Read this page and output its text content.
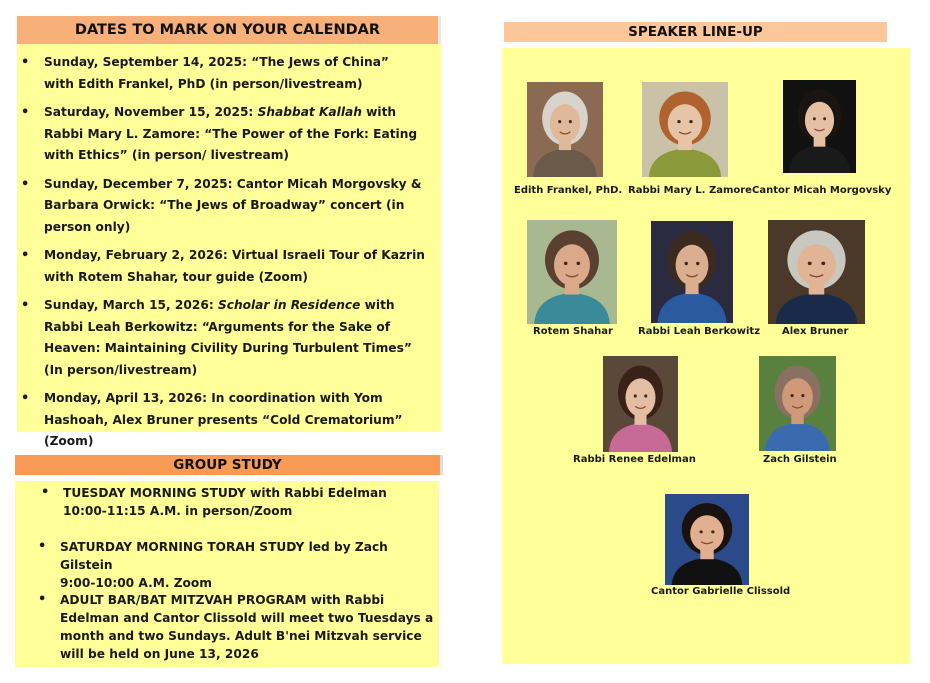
DATES TO MARK ON YOUR CALENDAR
• Sunday, September 14, 2025: “The Jews of China” with Edith Frankel, PhD (in person/livestream)
• Saturday, November 15, 2025: Shabbat Kallah with Rabbi Mary L. Zamore: “The Power of the Fork: Eating with Ethics” (in person/ livestream)
• Sunday, December 7, 2025: Cantor Micah Morgovsky & Barbara Orwick: “The Jews of Broadway” concert (in person only)
• Monday, February 2, 2026: Virtual Israeli Tour of Kazrin with Rotem Shahar, tour guide (Zoom)
• Sunday, March 15, 2026: Scholar in Residence with Rabbi Leah Berkowitz: “Arguments for the Sake of Heaven: Maintaining Civility During Turbulent Times” (In person/livestream)
• Monday, April 13, 2026: In coordination with Yom Hashoah, Alex Bruner presents “Cold Crematorium” (Zoom)
GROUP STUDY
• TUESDAY MORNING STUDY with Rabbi Edelman
10:00-11:15 A.M. in person/Zoom
• SATURDAY MORNING TORAH STUDY led by Zach Gilstein
9:00-10:00 A.M. Zoom
• ADULT BAR/BAT MITZVAH PROGRAM with Rabbi Edelman and Cantor Clissold will meet two Tuesdays a month and two Sundays. Adult B'nei Mitzvah service will be held on June 13, 2026
SPEAKER LINE-UP
Edith Frankel, PhD. Rabbi Mary L. Zamore Cantor Micah Morgovsky
Rotem Shahar	Rabbi Leah Berkowitz Alex Bruner
Rabbi Renee Edelman	Zach Gilstein
Cantor Gabrielle Clissold
